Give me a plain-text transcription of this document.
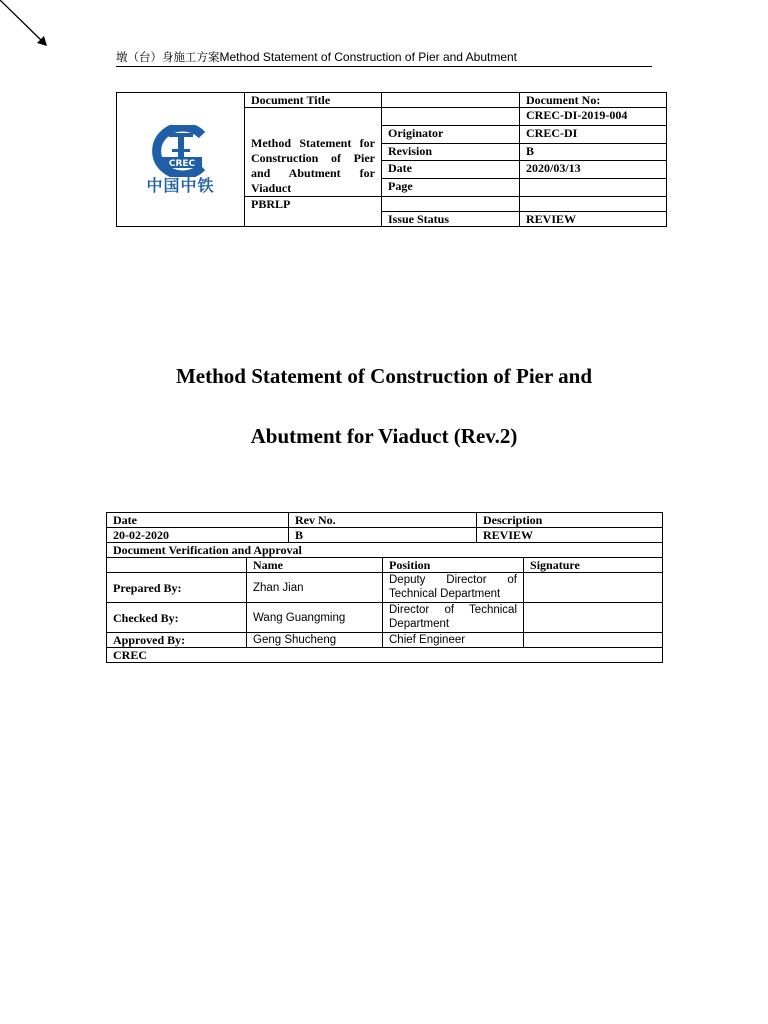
墩（台）身施工方案Method Statement of Construction of Pier and Abutment
CREC
中国中铁	Document Title		Document No:
	Method Statement for Construction of Pier and Abutment for Viaduct		CREC-DI-2019-004
		Originator	CREC-DI
		Revision	B
		Date	2020/03/13
		Page	
	PBRLP		
		Issue Status	REVIEW
Method Statement of Construction of Pier and
Abutment for Viaduct (Rev.2)
Date		Rev No.		Description	
20-02-2020		B		REVIEW	
Document Verification and Approval					
	Name		Position		Signature
Prepared By:	Zhan Jian		Deputy Director of Technical Department		
Checked By:	Wang Guangming		Director of Technical Department		
Approved By:	Geng Shucheng		Chief Engineer		
CREC					
